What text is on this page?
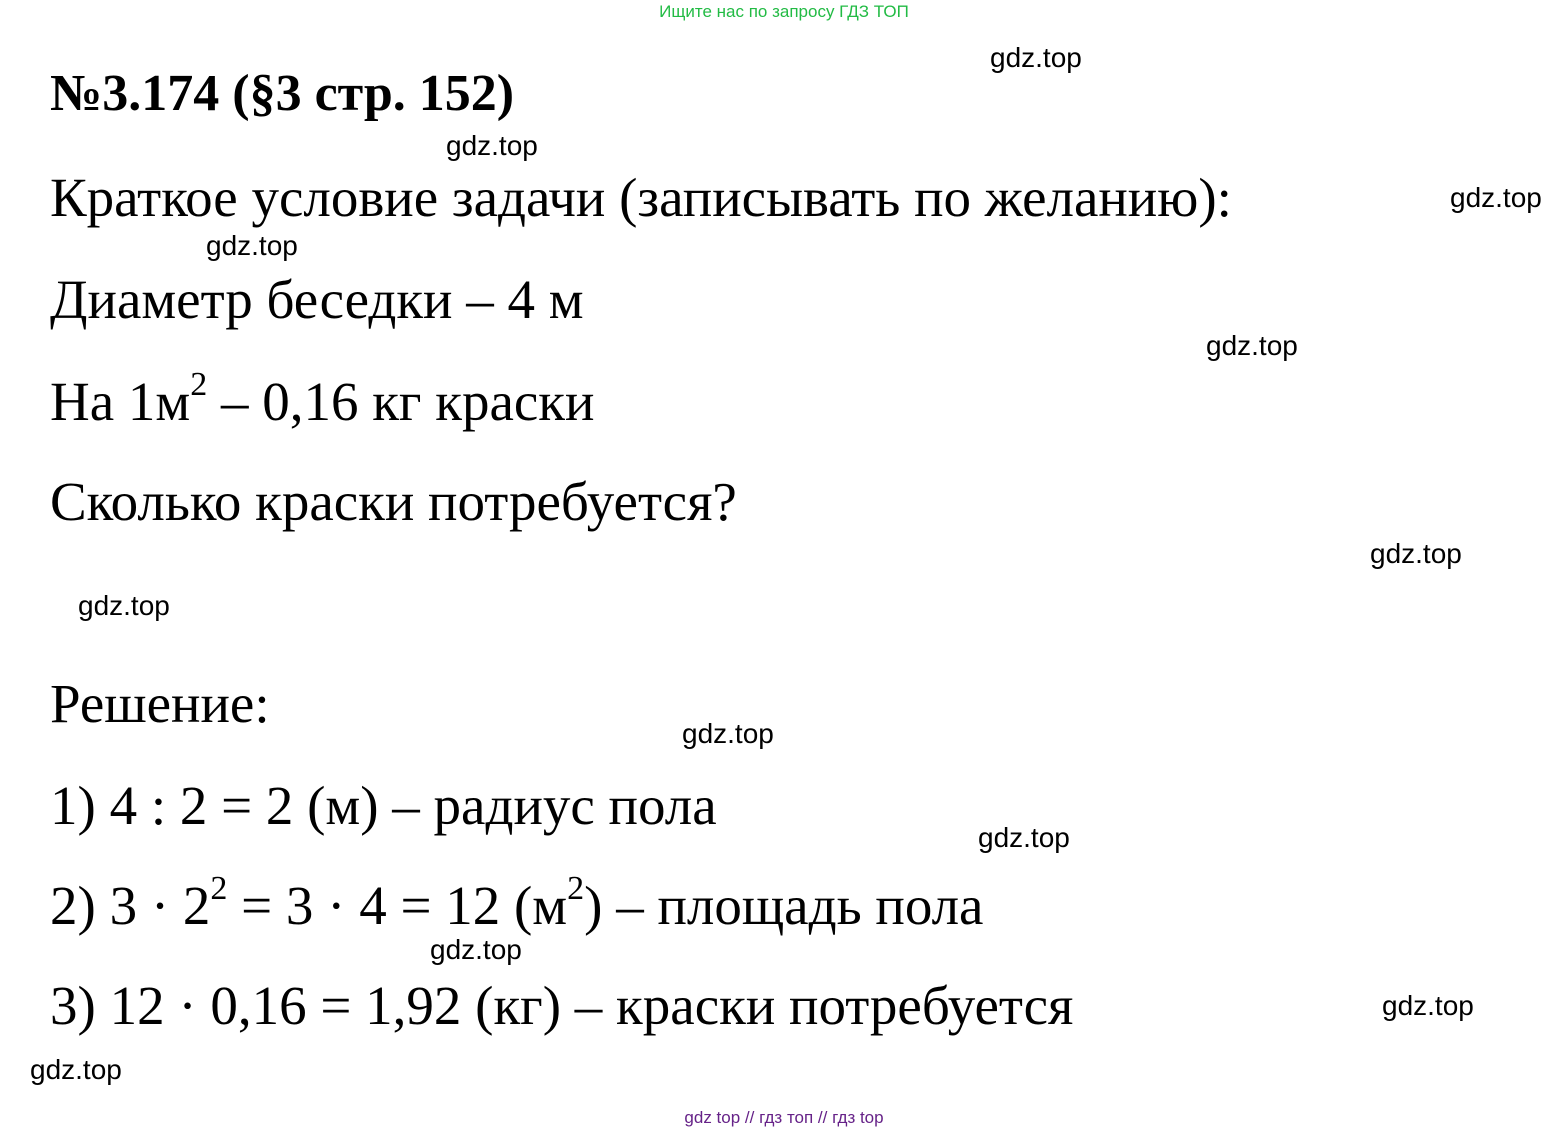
Ищите нас по запросу ГДЗ ТОП
№3.174 (§3 стр. 152)
Краткое условие задачи (записывать по желанию):
Диаметр беседки – 4 м
На $1м^2 - 0,16$ кг краски
Сколько краски потребуется?
Решение:
1) 4 : 2 = 2 (м) – радиус пола
2) $3 \cdot 2^2 = 3 \cdot 4 = 12$ $(м^2)$ – площадь пола
3) 12 · 0,16 = 1,92 (кг) – краски потребуется
gdz.top
gdz.top
gdz.top
gdz.top
gdz.top
gdz.top
gdz.top
gdz.top
gdz.top
gdz.top
gdz.top
gdz.top
gdz top // гдз топ // гдз top
